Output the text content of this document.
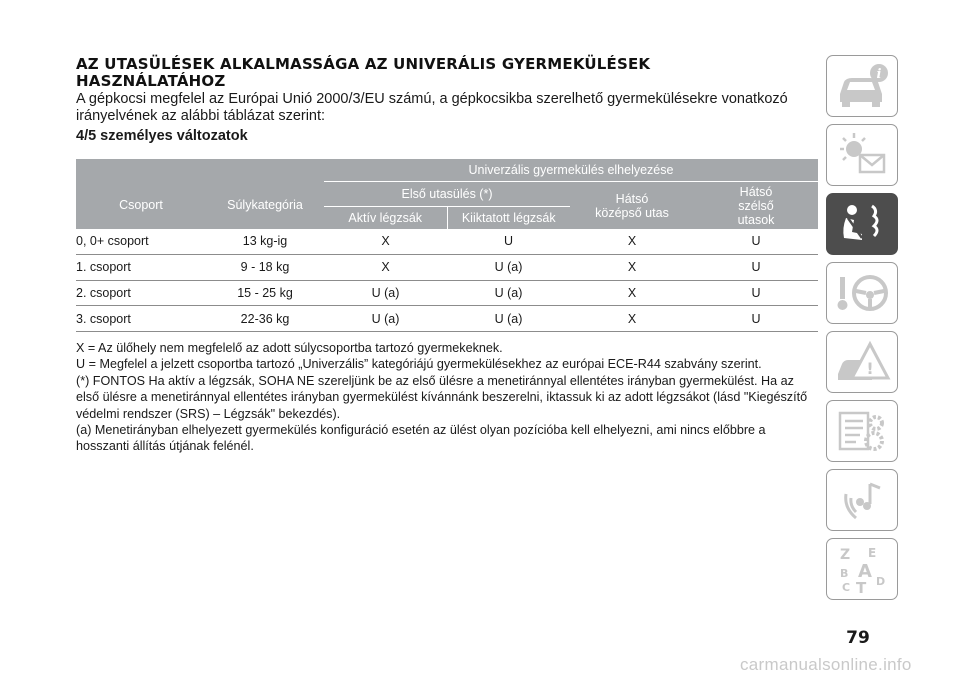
AZ UTASÜLÉSEK ALKALMASSÁGA AZ UNIVERÁLIS GYERMEKÜLÉSEK
HASZNÁLATÁHOZ

A gépkocsi megfelel az Európai Unió 2000/3/EU számú, a gépkocsikba szerelhető gyermekülésekre vonatkozó irányelvének az alábbi táblázat szerint:

4/5 személyes változatok

		Univerzális gyermekülés elhelyezése			
Csoport	Súlykategória	Első utasülés (*)		Hátsó középső utas	Hátsó szélső utasok
		Aktív légzsák	Kiiktatott légzsák		
0, 0+ csoport	13 kg-ig	X	U	X	U
1. csoport	9 - 18 kg	X	U (a)	X	U
2. csoport	15 - 25 kg	U (a)	U (a)	X	U
3. csoport	22-36 kg	U (a)	U (a)	X	U

X = Az ülőhely nem megfelelő az adott súlycsoportba tartozó gyermekeknek.

U = Megfelel a jelzett csoportba tartozó „Univerzális” kategóriájú gyermekülésekhez az európai ECE-R44 szabvány szerint.

(*) FONTOS Ha aktív a légzsák, SOHA NE szereljünk be az első ülésre a menetiránnyal ellentétes irányban gyermekülést. Ha az első ülésre a menetiránnyal ellentétes irányban gyermekülést kívánnánk beszerelni, iktassuk ki az adott légzsákot (lásd "Kiegészítő védelmi rendszer (SRS) – Légzsák" bekezdés).

(a) Menetirányban elhelyezett gyermekülés konfiguráció esetén az ülést olyan pozícióba kell elhelyezni, ami nincs előbbre a hosszanti állítás útjának felénél.

i
!
Z E
B A
C T D
79
carmanualsonline.info
